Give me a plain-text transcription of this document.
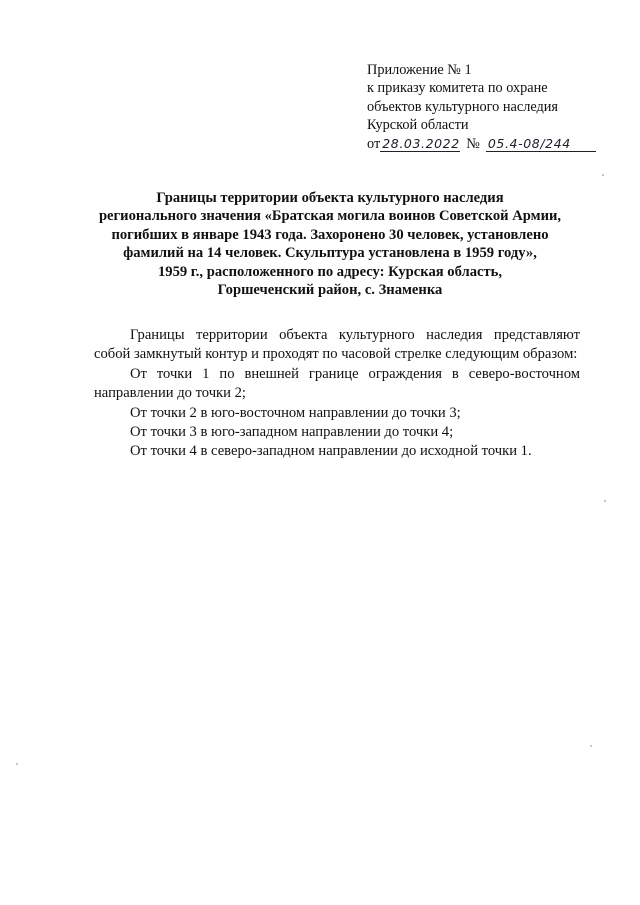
Приложение № 1
к приказу комитета по охране
объектов культурного наследия
Курской области
от 28.03.2022 № 05.4-08/244
Границы территории объекта культурного наследия
регионального значения «Братская могила воинов Советской Армии,
погибших в январе 1943 года. Захоронено 30 человек, установлено
фамилий на 14 человек. Скульптура установлена в 1959 году»,
1959 г., расположенного по адресу: Курская область,
Горшеченский район, с. Знаменка

Границы территории объекта культурного наследия представляют собой замкнутый контур и проходят по часовой стрелке следующим образом:

От точки 1 по внешней границе ограждения в северо-восточном направлении до точки 2;

От точки 2 в юго-восточном направлении до точки 3;

От точки 3 в юго-западном направлении до точки 4;

От точки 4 в северо-западном направлении до исходной точки 1.
